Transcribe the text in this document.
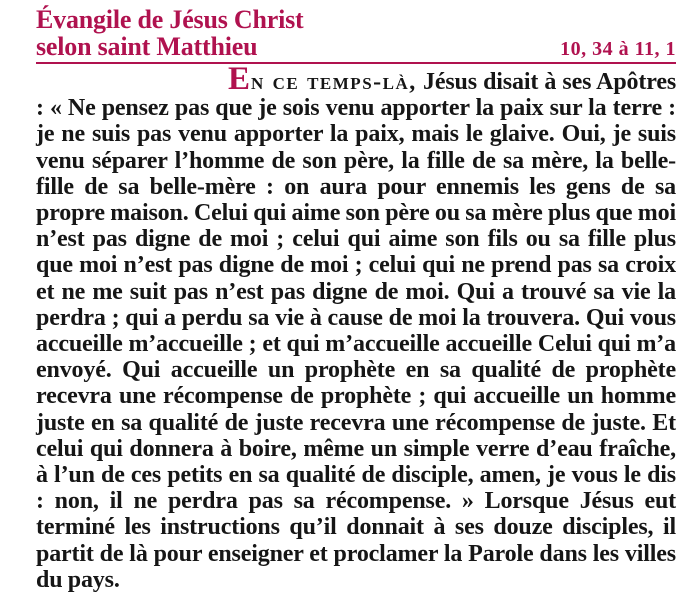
Évangile de Jésus Christ
selon saint Matthieu	10, 34 à 11, 1

En ce temps-là, Jésus disait à ses Apôtres : « Ne pensez pas que je sois venu apporter la paix sur la terre : je ne suis pas venu apporter la paix, mais le glaive. Oui, je suis venu séparer l’homme de son père, la fille de sa mère, la belle-fille de sa belle-mère : on aura pour ennemis les gens de sa propre maison. Celui qui aime son père ou sa mère plus que moi n’est pas digne de moi ; celui qui aime son fils ou sa fille plus que moi n’est pas digne de moi ; celui qui ne prend pas sa croix et ne me suit pas n’est pas digne de moi. Qui a trouvé sa vie la perdra ; qui a perdu sa vie à cause de moi la trouvera. Qui vous accueille m’accueille ; et qui m’accueille accueille Celui qui m’a envoyé. Qui accueille un prophète en sa qualité de prophète recevra une récompense de prophète ; qui accueille un homme juste en sa qualité de juste recevra une récompense de juste. Et celui qui donnera à boire, même un simple verre d’eau fraîche, à l’un de ces petits en sa qualité de disciple, amen, je vous le dis : non, il ne perdra pas sa récompense. » Lorsque Jésus eut terminé les instructions qu’il donnait à ses douze disciples, il partit de là pour enseigner et proclamer la Parole dans les villes du pays.
